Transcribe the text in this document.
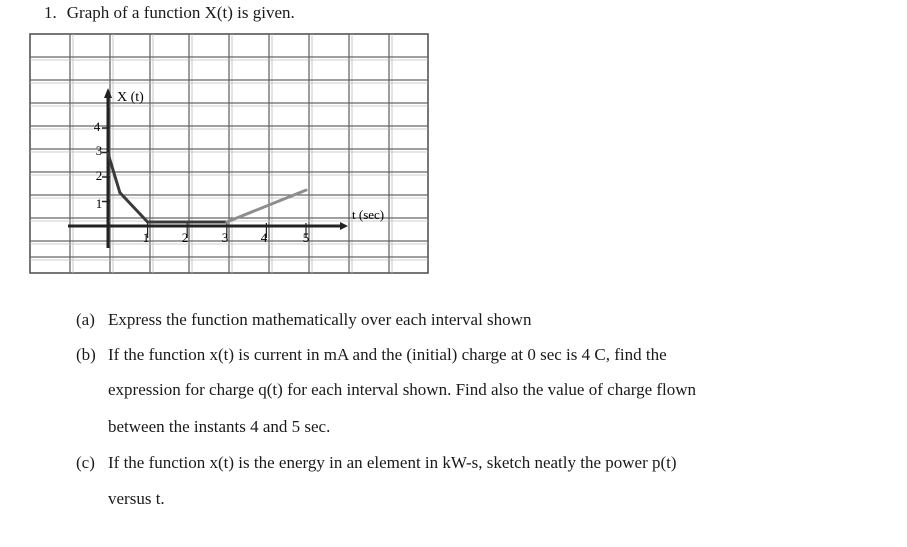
1. Graph of a function X(t) is given.
1	2	3	4	5
1
2
3
4
X (t)
t (sec)
(a) Express the function mathematically over each interval shown
(b) If the function x(t) is current in mA and the (initial) charge at 0 sec is 4 C, find the
expression for charge q(t) for each interval shown. Find also the value of charge flown
between the instants 4 and 5 sec.
(c) If the function x(t) is the energy in an element in kW-s, sketch neatly the power p(t)
versus t.
